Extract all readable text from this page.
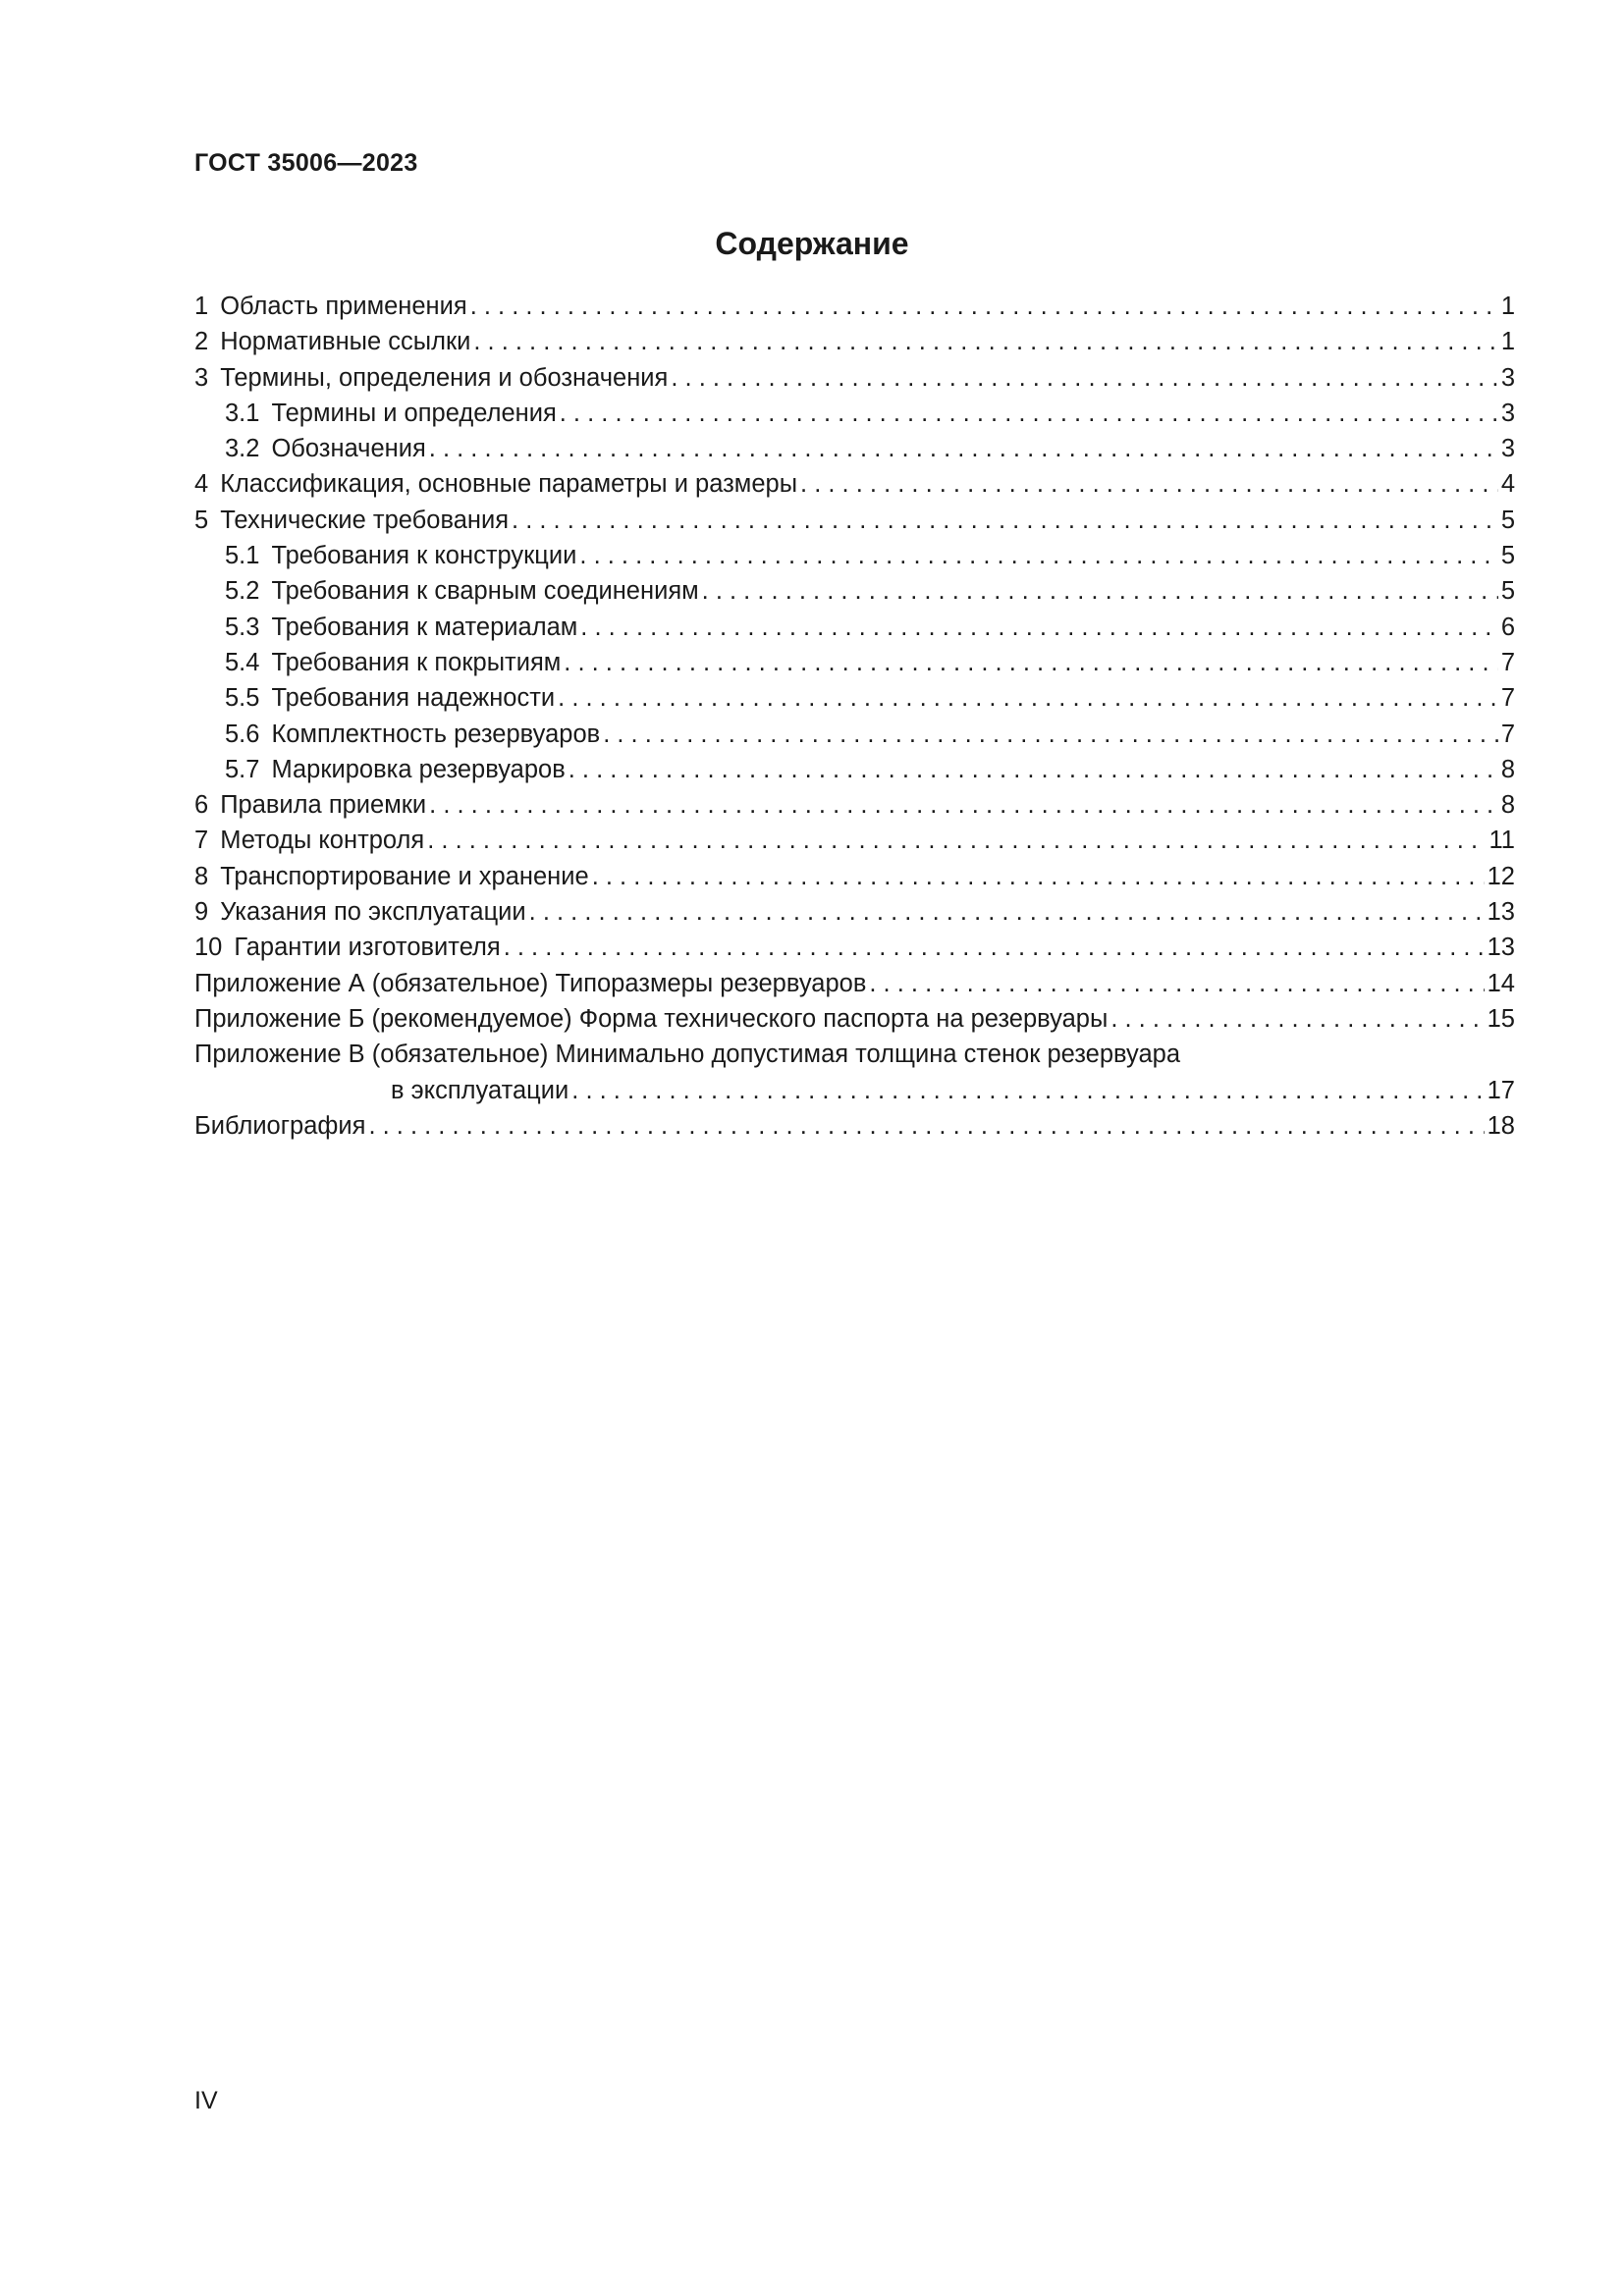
ГОСТ 35006—2023
Содержание
1 Область применения . . .	1
2 Нормативные ссылки . . .	1
3 Термины, определения и обозначения . . .	3
3.1 Термины и определения . . .	3
3.2 Обозначения . . .	3
4 Классификация, основные параметры и размеры . . .	4
5 Технические требования . . .	5
5.1 Требования к конструкции . . .	5
5.2 Требования к сварным соединениям . . .	5
5.3 Требования к материалам . . .	6
5.4 Требования к покрытиям . . .	7
5.5 Требования надежности . . .	7
5.6 Комплектность резервуаров . . .	7
5.7 Маркировка резервуаров . . .	8
6 Правила приемки . . .	8
7 Методы контроля . . .	11
8 Транспортирование и хранение . . .	12
9 Указания по эксплуатации . . .	13
10 Гарантии изготовителя . . .	13
Приложение А (обязательное) Типоразмеры резервуаров . . .	14
Приложение Б (рекомендуемое) Форма технического паспорта на резервуары . . .	15
Приложение В (обязательное) Минимально допустимая толщина стенок резервуара
в эксплуатации . . .	17
Библиография . . .	18
IV
